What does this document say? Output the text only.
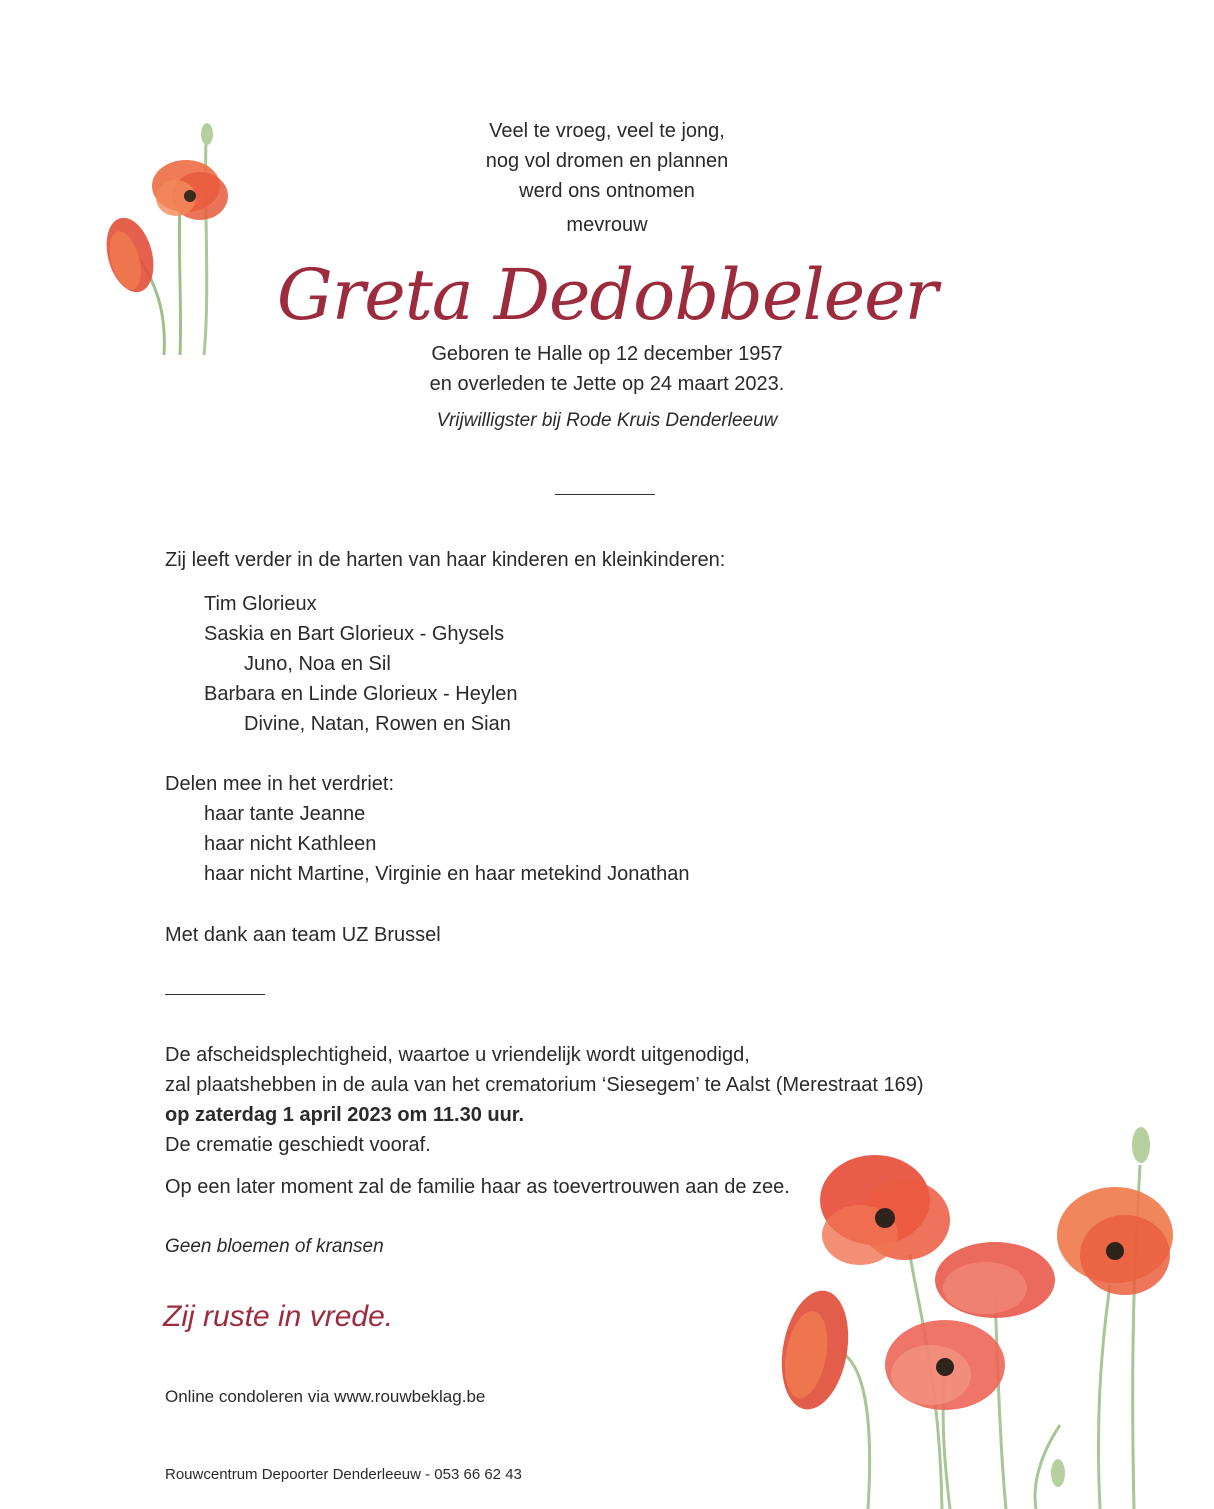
Veel te vroeg, veel te jong,
nog vol dromen en plannen
werd ons ontnomen
mevrouw
Greta Dedobbeleer
Geboren te Halle op 12 december 1957
en overleden te Jette op 24 maart 2023.
Vrijwilligster bij Rode Kruis Denderleeuw
Zij leeft verder in de harten van haar kinderen en kleinkinderen:
Tim Glorieux
Saskia en Bart Glorieux - Ghysels
Juno, Noa en Sil
Barbara en Linde Glorieux - Heylen
Divine, Natan, Rowen en Sian
Delen mee in het verdriet:
haar tante Jeanne
haar nicht Kathleen
haar nicht Martine, Virginie en haar metekind Jonathan
Met dank aan team UZ Brussel
De afscheidsplechtigheid, waartoe u vriendelijk wordt uitgenodigd,
zal plaatshebben in de aula van het crematorium ‘Siesegem’ te Aalst (Merestraat 169)
op zaterdag 1 april 2023 om 11.30 uur.
De crematie geschiedt vooraf.
Op een later moment zal de familie haar as toevertrouwen aan de zee.
Geen bloemen of kransen
Zij ruste in vrede.
Online condoleren via www.rouwbeklag.be
Rouwcentrum Depoorter Denderleeuw - 053 66 62 43
